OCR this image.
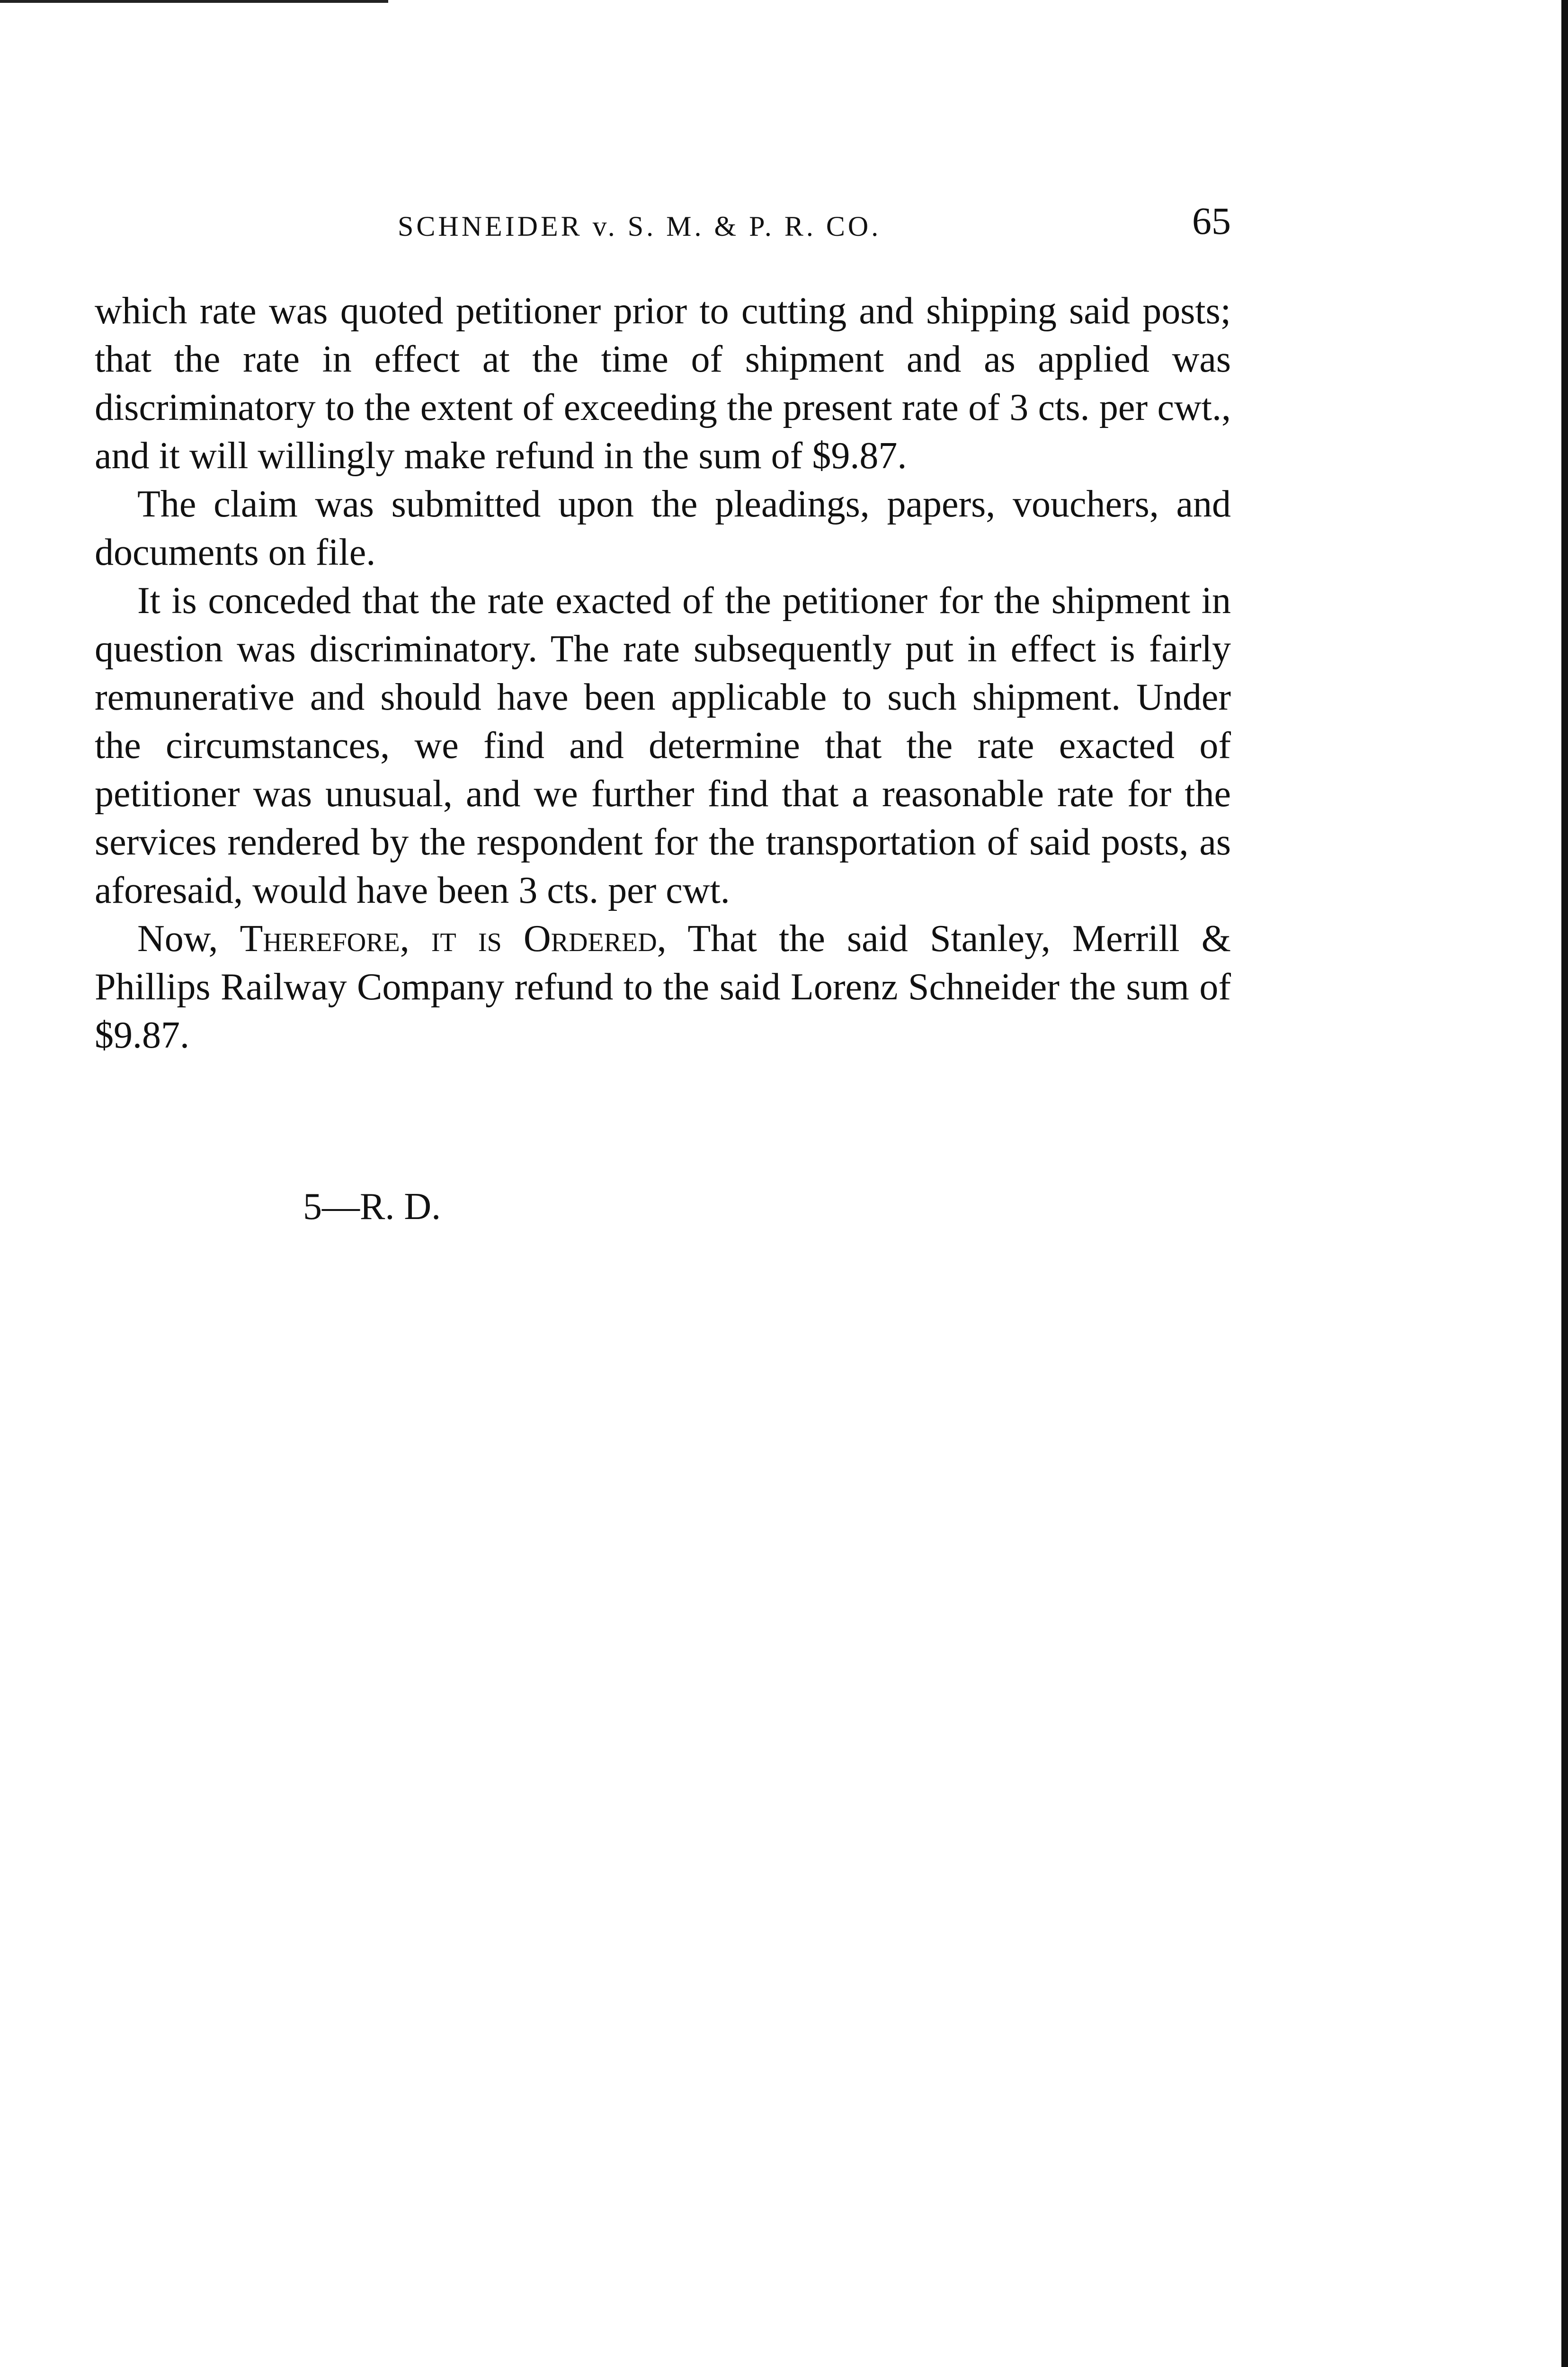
SCHNEIDER v. S. M. & P. R. CO.	65

which rate was quoted petitioner prior to cutting and shipping said posts; that the rate in effect at the time of shipment and as applied was discriminatory to the extent of exceeding the present rate of 3 cts. per cwt., and it will willingly make refund in the sum of $9.87.

The claim was submitted upon the pleadings, papers, vouchers, and documents on file.

It is conceded that the rate exacted of the petitioner for the shipment in question was discriminatory. The rate subsequently put in effect is fairly remunerative and should have been applicable to such shipment. Under the circumstances, we find and determine that the rate exacted of petitioner was unusual, and we further find that a reasonable rate for the services rendered by the respondent for the transportation of said posts, as aforesaid, would have been 3 cts. per cwt.

Now, Therefore, it is Ordered, That the said Stanley, Merrill & Phillips Railway Company refund to the said Lorenz Schneider the sum of $9.87.

5—R. D.
